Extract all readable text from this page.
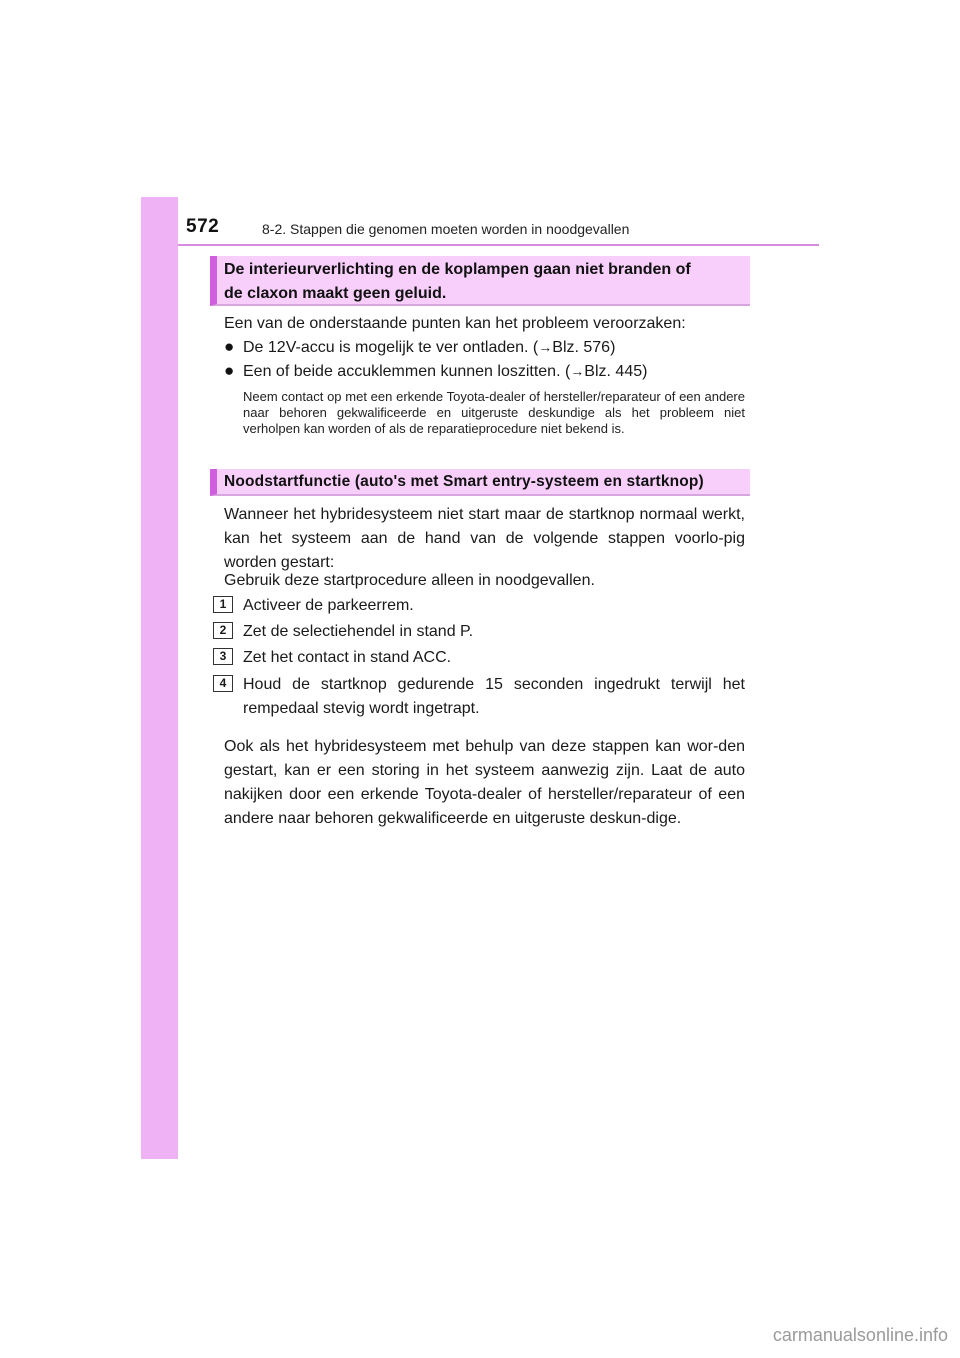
572	8-2. Stappen die genomen moeten worden in noodgevallen
De interieurverlichting en de koplampen gaan niet branden of
de claxon maakt geen geluid.
Een van de onderstaande punten kan het probleem veroorzaken:
● De 12V-accu is mogelijk te ver ontladen. (→Blz. 576)
● Een of beide accuklemmen kunnen loszitten. (→Blz. 445)
Neem contact op met een erkende Toyota-dealer of hersteller/reparateur of een andere naar behoren gekwalificeerde en uitgeruste deskundige als het probleem niet verholpen kan worden of als de reparatieprocedure niet bekend is.
Noodstartfunctie (auto's met Smart entry-systeem en startknop)
Wanneer het hybridesysteem niet start maar de startknop normaal werkt, kan het systeem aan de hand van de volgende stappen voorlo-pig worden gestart:
Gebruik deze startprocedure alleen in noodgevallen.
1	Activeer de parkeerrem.
2	Zet de selectiehendel in stand P.
3	Zet het contact in stand ACC.
4	Houd de startknop gedurende 15 seconden ingedrukt terwijl het rempedaal stevig wordt ingetrapt.
Ook als het hybridesysteem met behulp van deze stappen kan wor-den gestart, kan er een storing in het systeem aanwezig zijn. Laat de auto nakijken door een erkende Toyota-dealer of hersteller/reparateur of een andere naar behoren gekwalificeerde en uitgeruste deskun-dige.
carmanualsonline.info
